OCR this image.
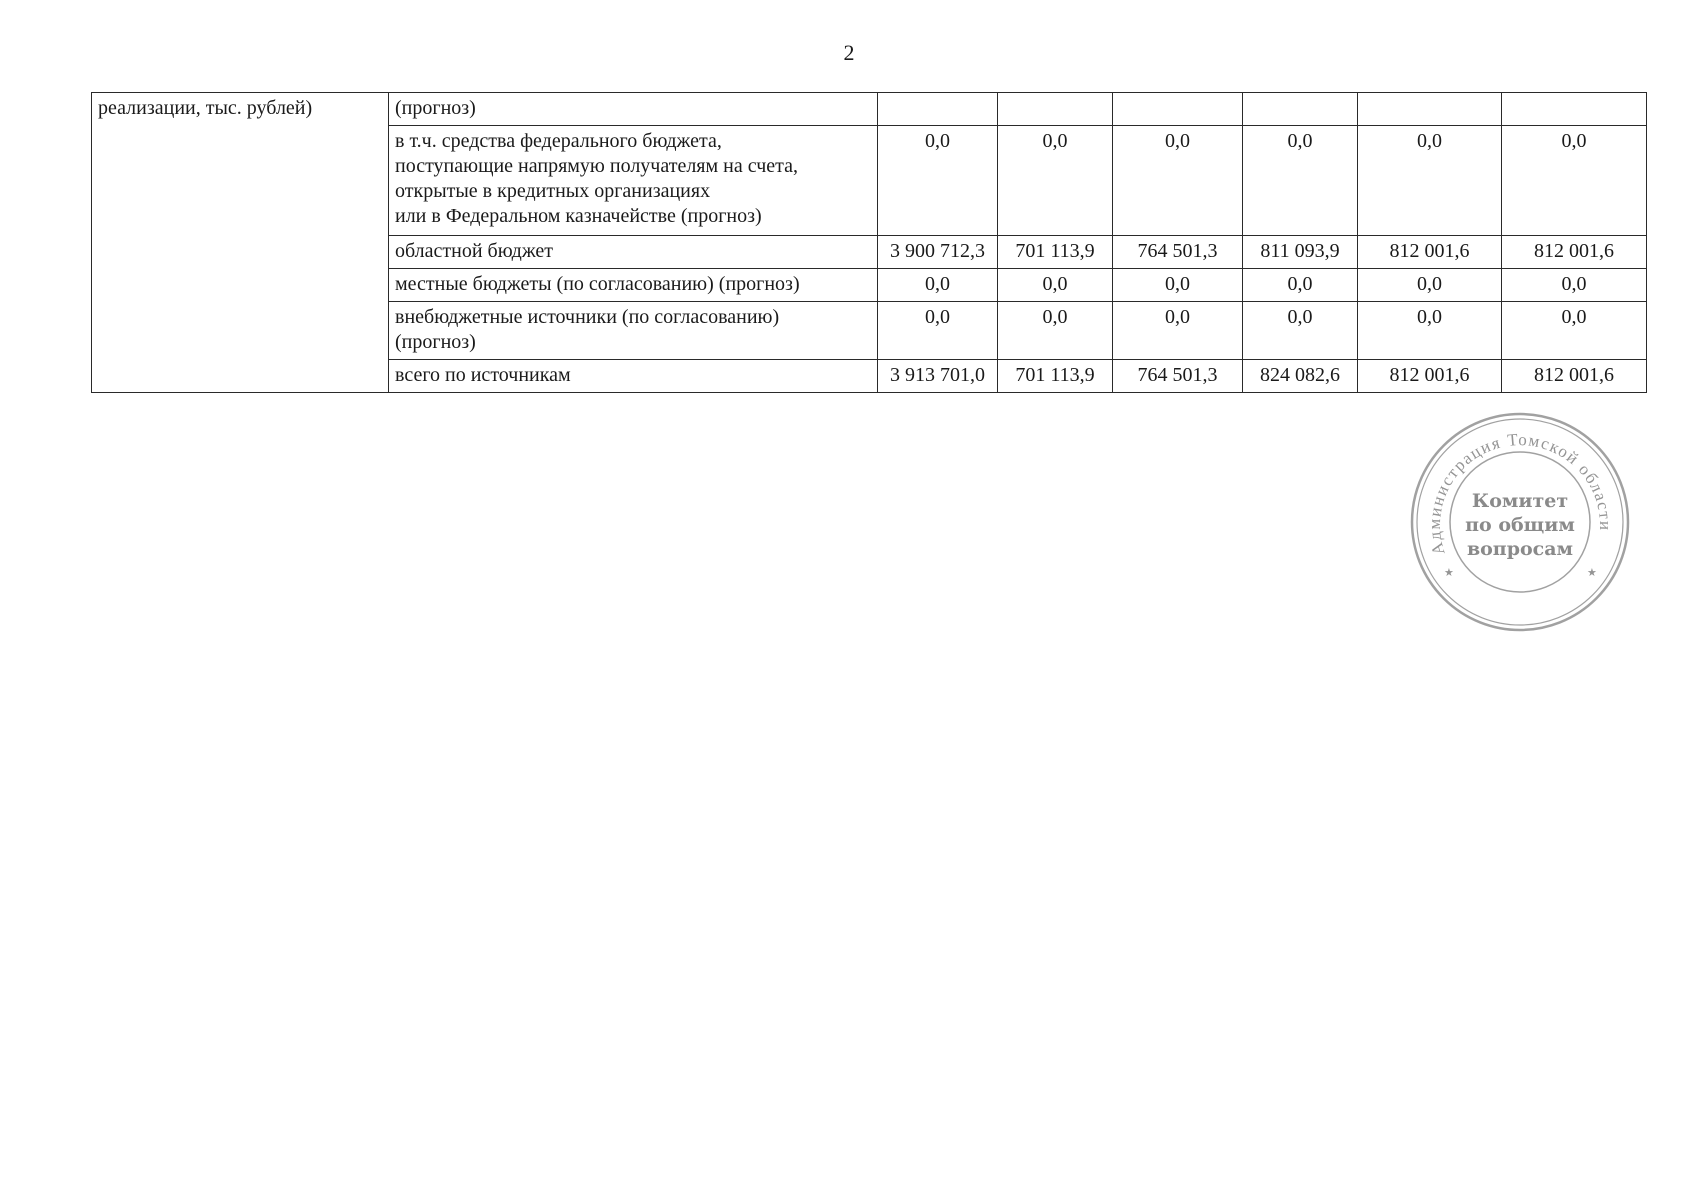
2
реализации, тыс. рублей)	(прогноз)						

	в т.ч. средства федерального бюджета,
поступающие напрямую получателям на счета,
открытые в кредитных организациях
или в Федеральном казначействе (прогноз)	0,0	0,0	0,0	0,0	0,0	0,0
	областной бюджет	3 900 712,3	701 113,9	764 501,3	811 093,9	812 001,6	812 001,6
	местные бюджеты (по согласованию) (прогноз)	0,0	0,0	0,0	0,0	0,0	0,0

	внебюджетные источники (по согласованию)
(прогноз)	0,0	0,0	0,0	0,0	0,0	0,0
	всего по источникам	3 913 701,0	701 113,9	764 501,3	824 082,6	812 001,6	812 001,6
Администрация Томской области
★	★
Комитет
по общим
вопросам
